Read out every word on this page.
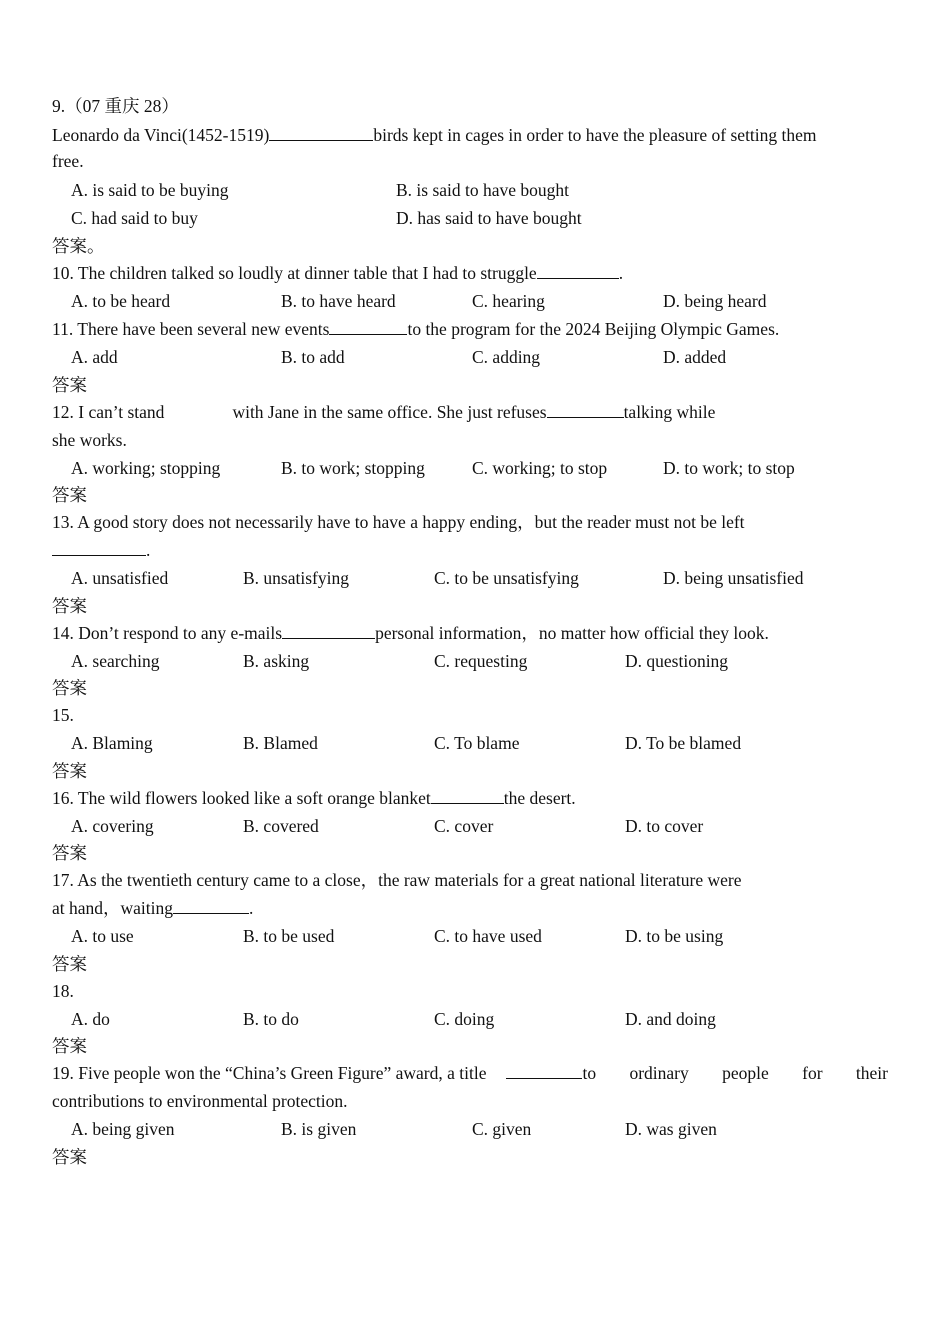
9.（07 重庆 28）
Leonardo da Vinci(1452-1519)	birds kept in cages in order to have the pleasure of setting them
free.
A. is said to be buying	B. is said to have bought
C. had said to buy	D. has said to have bought
答案。
10. The children talked so loudly at dinner table that I had to struggle	.
A. to be heard	B. to have heard	C. hearing	D. being heard
11. There have been several new events	to the program for the 2024 Beijing Olympic Games.
A. add	B. to add	C. adding	D. added
答案
12. I can’t stand	with Jane in the same office. She just refuses	talking while
she works.
A. working; stopping	B. to work; stopping	C. working; to stop	D. to work; to stop
答案
13. A good story does not necessarily have to have a happy ending，but the reader must not be left
.
A. unsatisfied	B. unsatisfying	C. to be unsatisfying	D. being unsatisfied
答案
14. Don’t respond to any e-mails	personal information，no matter how official they look.
A. searching	B. asking	C. requesting	D. questioning
答案
15.
A. Blaming	B. Blamed	C. To blame	D. To be blamed
答案
16. The wild flowers looked like a soft orange blanket	the desert.
A. covering	B. covered	C. cover	D. to cover
答案
17. As the twentieth century came to a close，the raw materials for a great national literature were
at hand，waiting	.
A. to use	B. to be used	C. to have used	D. to be using
答案
18.
A. do	B. to do	C. doing	D. and doing
答案
19. Five people won the “China’s Green Figure” award, a title	to ordinary people for their
contributions to environmental protection.
A. being given	B. is given	C. given	D. was given
答案
